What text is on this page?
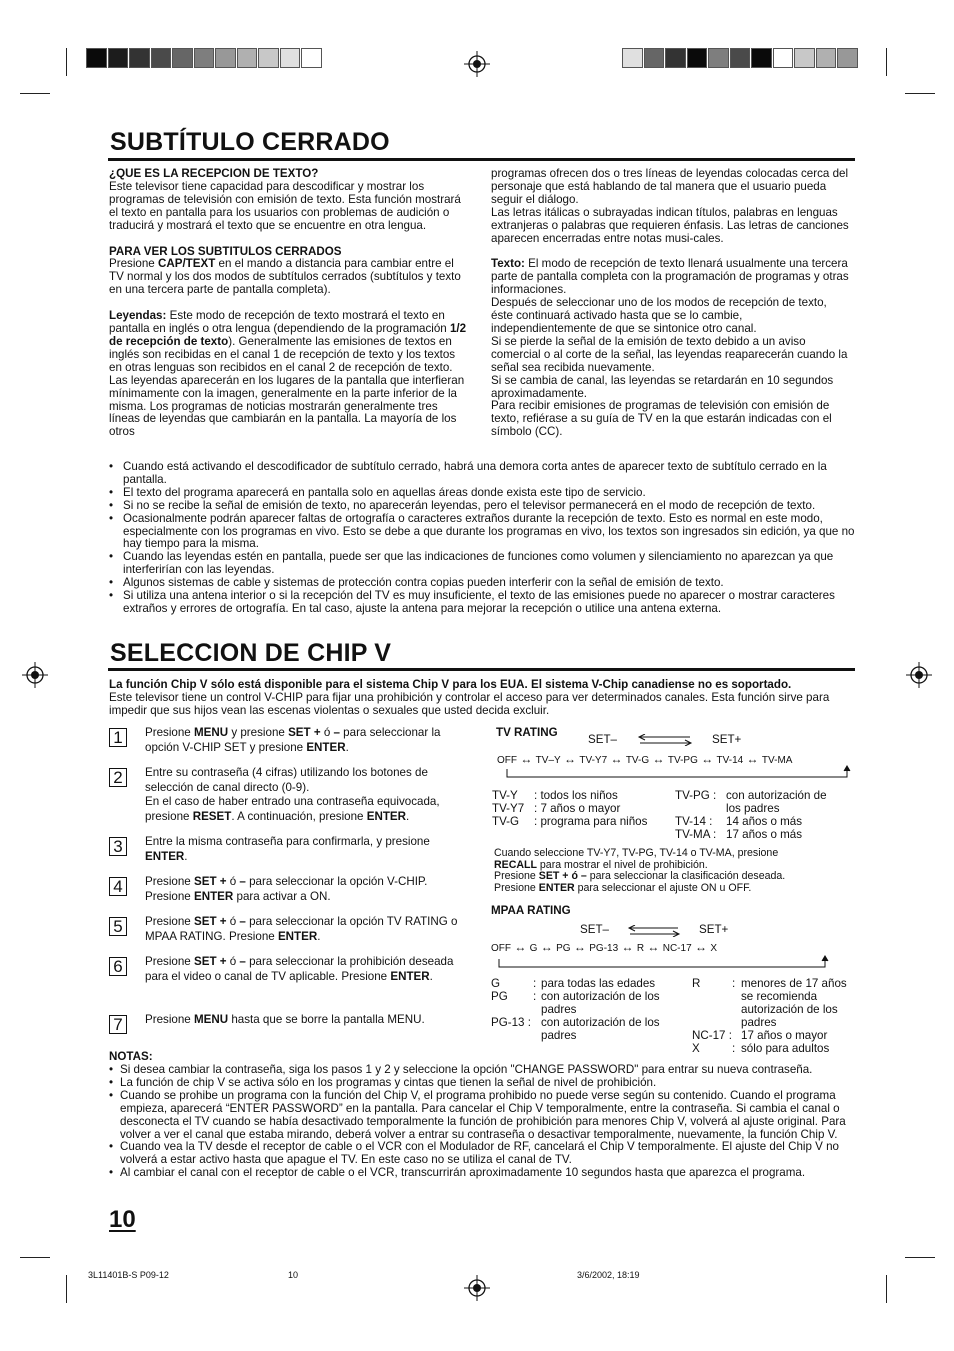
SUBTÍTULO CERRADO
¿QUE ES LA RECEPCION DE TEXTO?
Este televisor tiene capacidad para descodificar y mostrar los programas de televisión con emisión de texto. Esta función mostrará el texto en pantalla para los usuarios con problemas de audición o traducirá y mostrará el texto que se encuentre en otra lengua.
PARA VER LOS SUBTITULOS CERRADOS
Presione CAP/TEXT en el mando a distancia para cambiar entre el TV normal y los dos modos de subtítulos cerrados (subtítulos y texto en una tercera parte de pantalla completa).
Leyendas: Este modo de recepción de texto mostrará el texto en pantalla en inglés o otra lengua (dependiendo de la programación 1/2 de recepción de texto). Generalmente las emisiones de textos en inglés son recibidas en el canal 1 de recepción de texto y los textos en otras lenguas son recibidos en el canal 2 de recepción de texto. Las leyendas aparecerán en los lugares de la pantalla que interfieran mínimamente con la imagen, generalmente en la parte inferior de la misma. Los programas de noticias mostrarán generalmente tres líneas de leyendas que cambiarán en la pantalla. La mayoría de los otros
programas ofrecen dos o tres líneas de leyendas colocadas cerca del personaje que está hablando de tal manera que el usuario pueda seguir el diálogo.
Las letras itálicas o subrayadas indican títulos, palabras en lenguas extranjeras o palabras que requieren énfasis. Las letras de canciones aparecen encerradas entre notas musi-cales.
Texto: El modo de recepción de texto llenará usualmente una tercera parte de pantalla completa con la programación de programas y otras informaciones.
Después de seleccionar uno de los modos de recepción de texto, éste continuará activado hasta que se lo cambie, independientemente de que se sintonice otro canal.
Si se pierde la señal de la emisión de texto debido a un aviso comercial o al corte de la señal, las leyendas reaparecerán cuando la señal sea recibida nuevamente.
Si se cambia de canal, las leyendas se retardarán en 10 segundos aproximadamente.
Para recibir emisiones de programas de televisión con emisión de texto, refiérase a su guía de TV en la que estarán indicadas con el símbolo (CC).
• Cuando está activando el descodificador de subtítulo cerrado, habrá una demora corta antes de aparecer texto de subtítulo cerrado en la pantalla.
• El texto del programa aparecerá en pantalla solo en aquellas áreas donde exista este tipo de servicio.
• Si no se recibe la señal de emisión de texto, no aparecerán leyendas, pero el televisor permanecerá en el modo de recepción de texto.
• Ocasionalmente podrán aparecer faltas de ortografía o caracteres extraños durante la recepción de texto. Esto es normal en este modo, especialmente con los programas en vivo. Esto se debe a que durante los programas en vivo, los textos son ingresados sin edición, ya que no hay tiempo para la misma.
• Cuando las leyendas estén en pantalla, puede ser que las indicaciones de funciones como volumen y silenciamiento no aparezcan ya que interferirían con las leyendas.
• Algunos sistemas de cable y sistemas de protección contra copias pueden interferir con la señal de emisión de texto.
• Si utiliza una antena interior o si la recepción del TV es muy insuficiente, el texto de las emisiones puede no aparecer o mostrar caracteres extraños y errores de ortografía. En tal caso, ajuste la antena para mejorar la recepción o utilice una antena externa.
SELECCION DE CHIP V
La función Chip V sólo está disponible para el sistema Chip V para los EUA. El sistema V-Chip canadiense no es soportado.
Este televisor tiene un control V-CHIP para fijar una prohibición y controlar el acceso para ver determinados canales. Esta función sirve para impedir que sus hijos vean las escenas violentas o sexuales que usted decida excluir.
1	Presione MENU y presione SET + ó – para seleccionar la opción V-CHIP SET y presione ENTER.
2	Entre su contraseña (4 cifras) utilizando los botones de selección de canal directo (0-9).
En el caso de haber entrado una contraseña equivocada, presione RESET. A continuación, presione ENTER.
3	Entre la misma contraseña para confirmarla, y presione ENTER.
4	Presione SET + ó – para seleccionar la opción V-CHIP. Presione ENTER para activar a ON.
5	Presione SET + ó – para seleccionar la opción TV RATING o MPAA RATING. Presione ENTER.
6	Presione SET + ó – para seleccionar la prohibición deseada para el video o canal de TV aplicable. Presione ENTER.
7	Presione MENU hasta que se borre la pantalla MENU.
TV RATING
SET–	SET+
OFF ↔ TV–Y ↔ TV-Y7 ↔ TV-G ↔ TV-PG ↔ TV-14 ↔ TV-MA
TV-Y	: todos los niños
TV-Y7 : 7 años o mayor
TV-G	: programa para niños
TV-PG : con autorización de
los padres
TV-14 :	14 años o más
TV-MA : 17 años o más
Cuando seleccione TV-Y7, TV-PG, TV-14 o TV-MA, presione
RECALL para mostrar el nivel de prohibición.
Presione SET + ó – para seleccionar la clasificación deseada.
Presione ENTER para seleccionar el ajuste ON u OFF.
MPAA RATING
SET–	SET+
OFF ↔ G ↔ PG ↔ PG-13 ↔ R ↔ NC-17 ↔ X
G	: para todas las edades
PG	: con autorización de los padres
PG-13 : con autorización de los padres
R	: menores de 17 años se recomienda autorización de los padres
NC-17 : 17 años o mayor
X	: sólo para adultos
NOTAS:
• Si desea cambiar la contraseña, siga los pasos 1 y 2 y seleccione la opción "CHANGE PASSWORD" para entrar su nueva contraseña.
• La función de chip V se activa sólo en los programas y cintas que tienen la señal de nivel de prohibición.
• Cuando se prohibe un programa con la función del Chip V, el programa prohibido no puede verse según su contenido. Cuando el programa empieza, aparecerá “ENTER PASSWORD” en la pantalla. Para cancelar el Chip V temporalmente, entre la contraseña. Si cambia el canal o desconecta el TV cuando se había desactivado temporalmente la función de prohibición para menores Chip V, volverá al ajuste original. Para volver a ver el canal que estaba mirando, deberá volver a entrar su contraseña o desactivar temporalmente, nuevamente, la función Chip V.
• Cuando vea la TV desde el receptor de cable o el VCR con el Modulador de RF, cancelará el Chip V temporalmente. El ajuste del Chip V no volverá a estar activo hasta que apague el TV. En este caso no se utiliza el canal de TV.
• Al cambiar el canal con el receptor de cable o el VCR, transcurrirán aproximadamente 10 segundos hasta que aparezca el programa.
10
3L11401B-S P09-12	10	3/6/2002, 18:19
